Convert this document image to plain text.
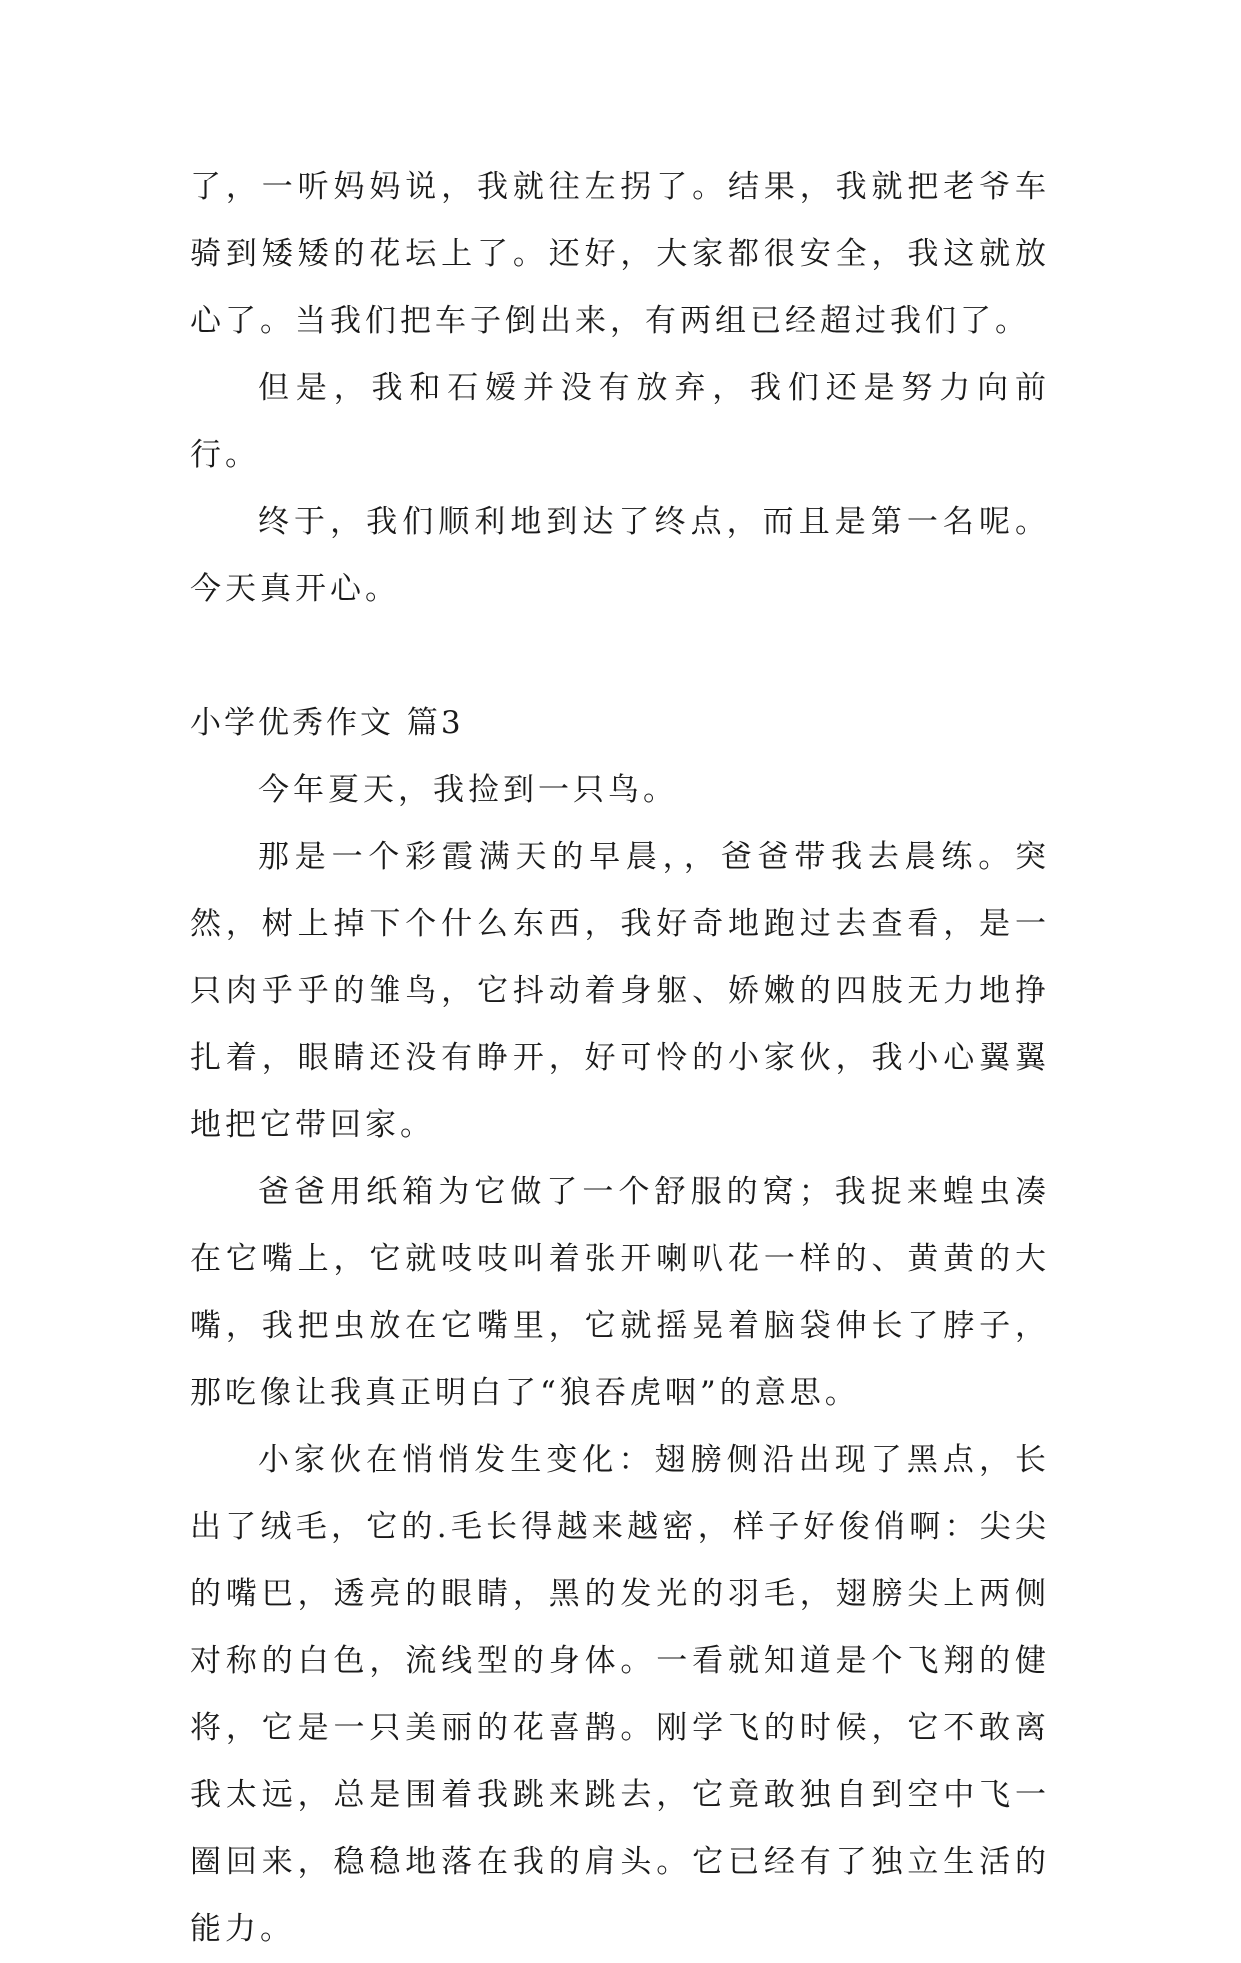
了，一听妈妈说，我就往左拐了。结果，我就把老爷车骑到矮矮的花坛上了。还好，大家都很安全，我这就放心了。当我们把车子倒出来，有两组已经超过我们了。

但是，我和石嫒并没有放弃，我们还是努力向前行。

终于，我们顺利地到达了终点，而且是第一名呢。今天真开心。

小学优秀作文 篇3

今年夏天，我捡到一只鸟。

那是一个彩霞满天的早晨，，爸爸带我去晨练。突然，树上掉下个什么东西，我好奇地跑过去查看，是一只肉乎乎的雏鸟，它抖动着身躯、娇嫩的四肢无力地挣扎着，眼睛还没有睁开，好可怜的小家伙，我小心翼翼地把它带回家。

爸爸用纸箱为它做了一个舒服的窝；我捉来蝗虫凑在它嘴上，它就吱吱叫着张开喇叭花一样的、黄黄的大嘴，我把虫放在它嘴里，它就摇晃着脑袋伸长了脖子，那吃像让我真正明白了“狼吞虎咽”的意思。

小家伙在悄悄发生变化：翅膀侧沿出现了黑点，长出了绒毛，它的.毛长得越来越密，样子好俊俏啊：尖尖的嘴巴，透亮的眼睛，黑的发光的羽毛，翅膀尖上两侧对称的白色，流线型的身体。一看就知道是个飞翔的健将，它是一只美丽的花喜鹊。刚学飞的时候，它不敢离我太远，总是围着我跳来跳去，它竟敢独自到空中飞一圈回来，稳稳地落在我的肩头。它已经有了独立生活的能力。
